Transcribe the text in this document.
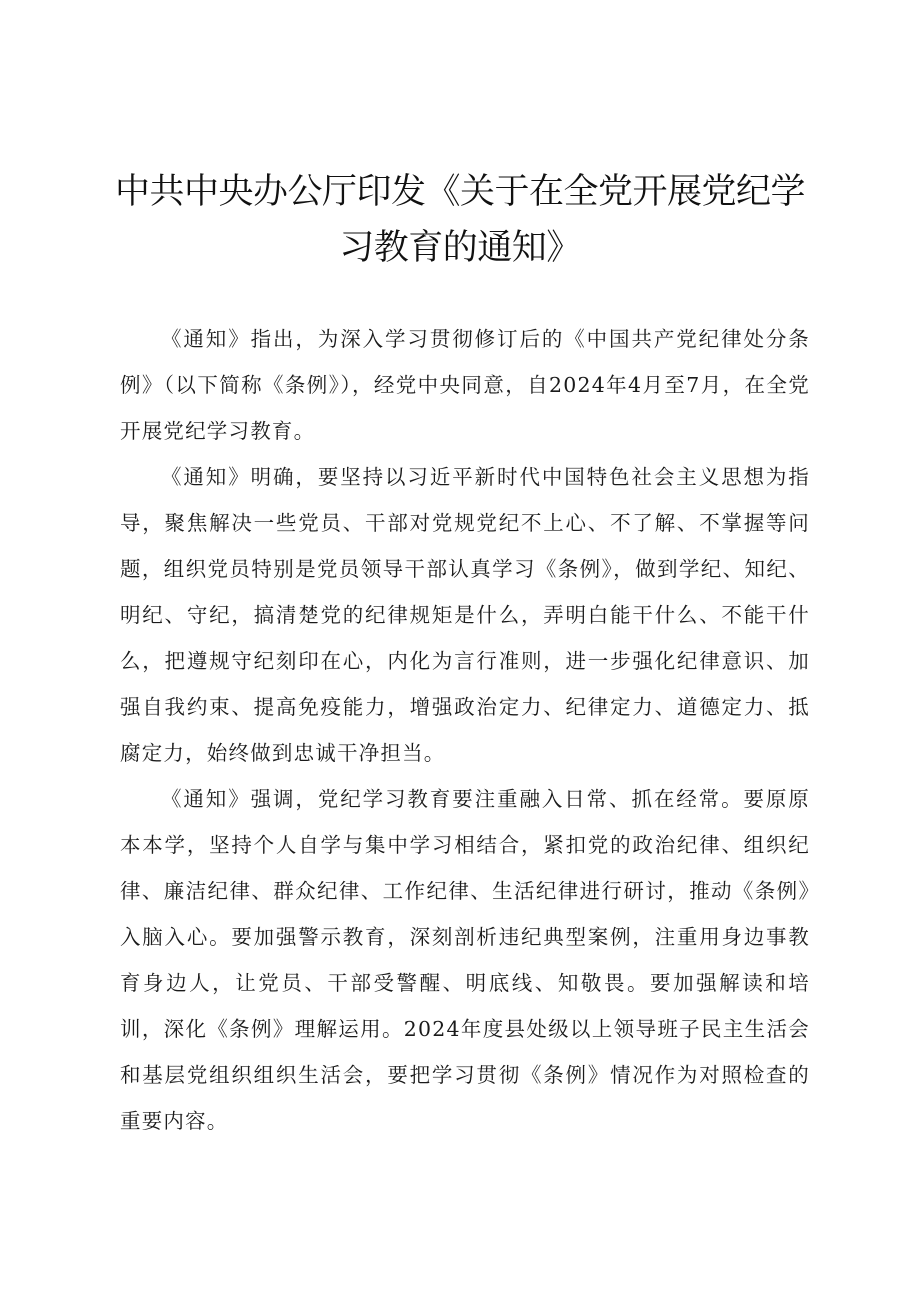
中共中央办公厅印发《关于在全党开展党纪学习教育的通知》

《通知》指出，为深入学习贯彻修订后的《中国共产党纪律处分条例》（以下简称《条例》），经党中央同意，自2024年4月至7月，在全党开展党纪学习教育。

《通知》明确，要坚持以习近平新时代中国特色社会主义思想为指导，聚焦解决一些党员、干部对党规党纪不上心、不了解、不掌握等问题，组织党员特别是党员领导干部认真学习《条例》，做到学纪、知纪、明纪、守纪，搞清楚党的纪律规矩是什么，弄明白能干什么、不能干什么，把遵规守纪刻印在心，内化为言行准则，进一步强化纪律意识、加强自我约束、提高免疫能力，增强政治定力、纪律定力、道德定力、抵腐定力，始终做到忠诚干净担当。

《通知》强调，党纪学习教育要注重融入日常、抓在经常。要原原本本学，坚持个人自学与集中学习相结合，紧扣党的政治纪律、组织纪律、廉洁纪律、群众纪律、工作纪律、生活纪律进行研讨，推动《条例》入脑入心。要加强警示教育，深刻剖析违纪典型案例，注重用身边事教育身边人，让党员、干部受警醒、明底线、知敬畏。要加强解读和培训，深化《条例》理解运用。2024年度县处级以上领导班子民主生活会和基层党组织组织生活会，要把学习贯彻《条例》情况作为对照检查的重要内容。
